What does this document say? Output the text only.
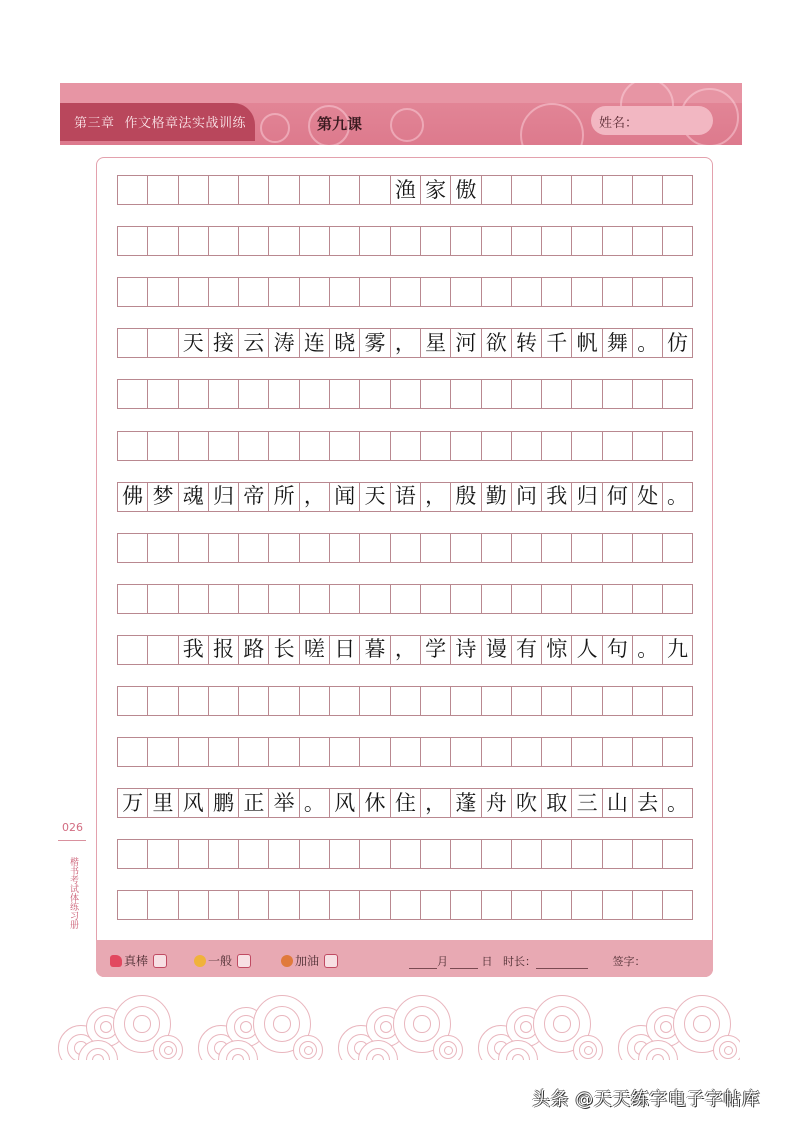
第三章 作文格章法实战训练	第九课	姓名：
渔 家 傲
天 接 云 涛 连 晓 雾 ， 星 河 欲 转 千 帆 舞 。 仿
佛 梦 魂 归 帝 所 ， 闻 天 语 ， 殷 勤 问 我 归 何 处 。
我 报 路 长 嗟 日 暮 ， 学 诗 谩 有 惊 人 句 。 九
万 里 风 鹏 正 举 。 风 休 住 ， 蓬 舟 吹 取 三 山 去 。
真棒	一般	加油	月	日 时长：	签字：
026
楷书考试体练习册
头条 @天天练字电子字帖库
